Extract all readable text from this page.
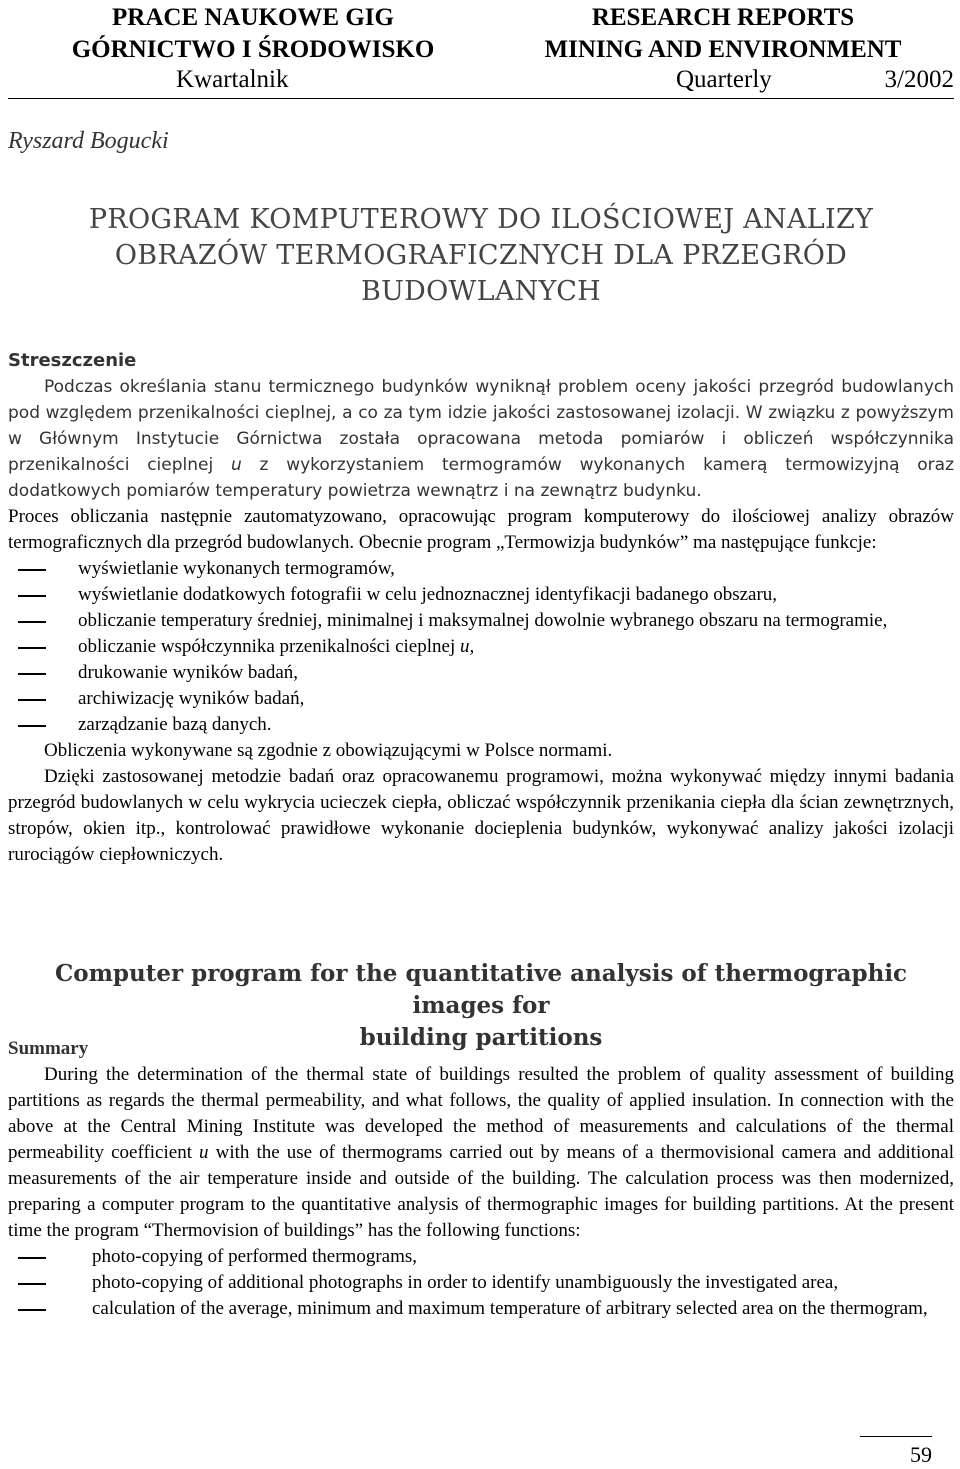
PRACE NAUKOWE GIG
GÓRNICTWO I ŚRODOWISKO
RESEARCH REPORTS
MINING AND ENVIRONMENT
Kwartalnik	Quarterly	3/2002
Ryszard Bogucki
PROGRAM KOMPUTEROWY DO ILOŚCIOWEJ ANALIZY
OBRAZÓW TERMOGRAFICZNYCH DLA PRZEGRÓD
BUDOWLANYCH
Streszczenie

Podczas określania stanu termicznego budynków wyniknął problem oceny jakości przegród budowlanych pod względem przenikalności cieplnej, a co za tym idzie jakości zastosowanej izolacji. W związku z powyższym w Głównym Instytucie Górnictwa została opracowana metoda pomiarów i obliczeń współczynnika przenikalności cieplnej u z wykorzystaniem termogramów wykonanych kamerą termowizyjną oraz dodatkowych pomiarów temperatury powietrza wewnątrz i na zewnątrz budynku.

Proces obliczania następnie zautomatyzowano, opracowując program komputerowy do ilościowej analizy obrazów termograficznych dla przegród budowlanych. Obecnie program „Termowizja budynków” ma następujące funkcje:

wyświetlanie wykonanych termogramów,
wyświetlanie dodatkowych fotografii w celu jednoznacznej identyfikacji badanego obszaru,
obliczanie temperatury średniej, minimalnej i maksymalnej dowolnie wybranego obszaru na termogramie,
obliczanie współczynnika przenikalności cieplnej u,
drukowanie wyników badań,
archiwizację wyników badań,
zarządzanie bazą danych.

Obliczenia wykonywane są zgodnie z obowiązującymi w Polsce normami.

Dzięki zastosowanej metodzie badań oraz opracowanemu programowi, można wykonywać między innymi badania przegród budowlanych w celu wykrycia ucieczek ciepła, obliczać współczynnik przenikania ciepła dla ścian zewnętrznych, stropów, okien itp., kontrolować prawidłowe wykonanie docieplenia budynków, wykonywać analizy jakości izolacji rurociągów ciepłowniczych.

Computer program for the quantitative analysis of thermographic images for
building partitions
Summary

During the determination of the thermal state of buildings resulted the problem of quality assessment of building partitions as regards the thermal permeability, and what follows, the quality of applied insulation. In connection with the above at the Central Mining Institute was developed the method of measurements and calculations of the thermal permeability coefficient u with the use of thermograms carried out by means of a thermovisional camera and additional measurements of the air temperature inside and outside of the building. The calculation process was then modernized, preparing a computer program to the quantitative analysis of thermographic images for building partitions. At the present time the program “Thermovision of buildings” has the following functions:

photo-copying of performed thermograms,
photo-copying of additional photographs in order to identify unambiguously the investigated area,
calculation of the average, minimum and maximum temperature of arbitrary selected area on the thermogram,
59
